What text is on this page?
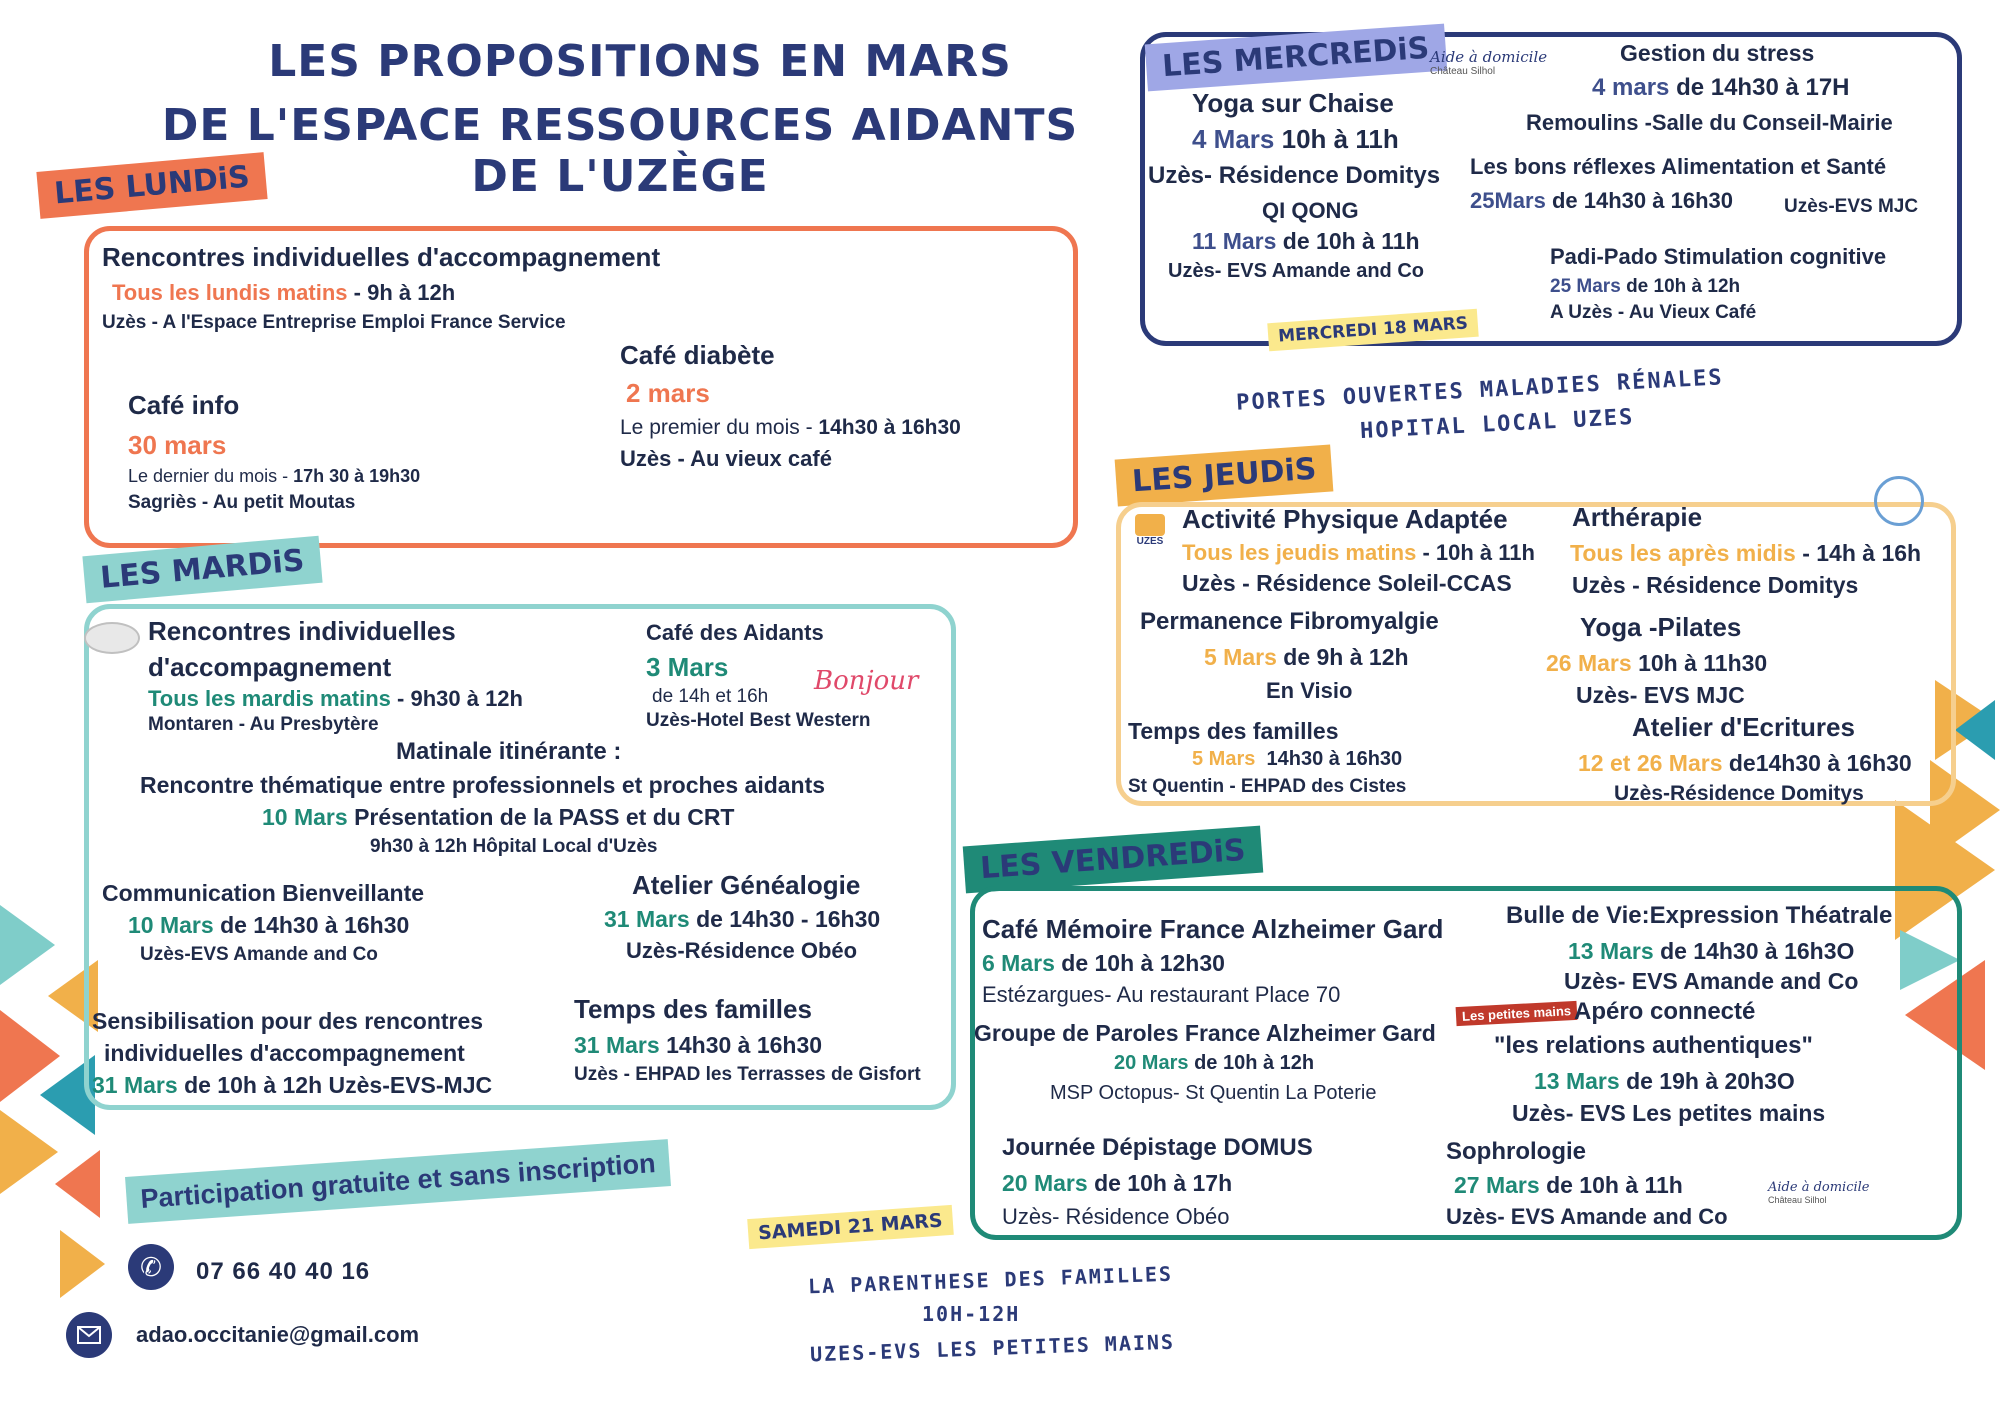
LES PROPOSITIONS EN MARS
DE L'ESPACE RESSOURCES AIDANTS DE L'UZÈGE
LES LUNDiS
Rencontres individuelles d'accompagnement
Tous les lundis matins - 9h à 12h
Uzès - A l'Espace Entreprise Emploi France Service
Café info
30 mars
Le dernier du mois - 17h 30 à 19h30
Sagriès - Au petit Moutas
Café diabète
2 mars
Le premier du mois - 14h30 à 16h30
Uzès - Au vieux café
LES MARDiS
Rencontres individuelles
d'accompagnement
Tous les mardis matins - 9h30 à 12h
Montaren - Au Presbytère
Café des Aidants
3 Mars
de 14h et 16h
Uzès-Hotel Best Western
Bonjour
Matinale itinérante :
Rencontre thématique entre professionnels et proches aidants
10 Mars Présentation de la PASS et du CRT
9h30 à 12h Hôpital Local d'Uzès
Communication Bienveillante
10 Mars de 14h30 à 16h30
Uzès-EVS Amande and Co
Atelier Généalogie
31 Mars de 14h30 - 16h30
Uzès-Résidence Obéo
Sensibilisation pour des rencontres
individuelles d'accompagnement
31 Mars de 10h à 12h Uzès-EVS-MJC
Temps des familles
31 Mars 14h30 à 16h30
Uzès - EHPAD les Terrasses de Gisfort
Participation gratuite et sans inscription
✆	07 66 40 40 16
adao.occitanie@gmail.com
SAMEDI 21 MARS
LA PARENTHESE DES FAMILLES
10H-12H
UZES-EVS LES PETITES MAINS
LES MERCREDiS Aide à domicile
Château Silhol
Yoga sur Chaise
4 Mars 10h à 11h
Uzès- Résidence Domitys
QI QONG
11 Mars de 10h à 11h
Uzès- EVS Amande and Co
Gestion du stress
4 mars de 14h30 à 17H
Remoulins -Salle du Conseil-Mairie
Les bons réflexes Alimentation et Santé
25Mars de 14h30 à 16h30	Uzès-EVS MJC
Padi-Pado Stimulation cognitive
25 Mars de 10h à 12h
A Uzès - Au Vieux Café
MERCREDI 18 MARS
PORTES OUVERTES MALADIES RÉNALES
HOPITAL LOCAL UZES
LES JEUDiS
UZES
Activité Physique Adaptée
Tous les jeudis matins - 10h à 11h
Uzès - Résidence Soleil-CCAS
Arthérapie
Tous les après midis - 14h à 16h
Uzès - Résidence Domitys
Permanence Fibromyalgie
5 Mars de 9h à 12h
En Visio
Yoga -Pilates
26 Mars 10h à 11h30
Uzès- EVS MJC
Temps des familles
5 Mars 14h30 à 16h30
St Quentin - EHPAD des Cistes
Atelier d'Ecritures
12 et 26 Mars de14h30 à 16h30
Uzès-Résidence Domitys
LES VENDREDiS
Café Mémoire France Alzheimer Gard
6 Mars de 10h à 12h30
Estézargues- Au restaurant Place 70
Groupe de Paroles France Alzheimer Gard
20 Mars de 10h à 12h
MSP Octopus- St Quentin La Poterie
Journée Dépistage DOMUS
20 Mars de 10h à 17h
Uzès- Résidence Obéo
Bulle de Vie:Expression Théatrale
13 Mars de 14h30 à 16h3O
Uzès- EVS Amande and Co
Les petites mains Apéro connecté
"les relations authentiques"
13 Mars de 19h à 20h3O
Uzès- EVS Les petites mains
Sophrologie
27 Mars de 10h à 11h
Uzès- EVS Amande and Co
Aide à domicile
Château Silhol
